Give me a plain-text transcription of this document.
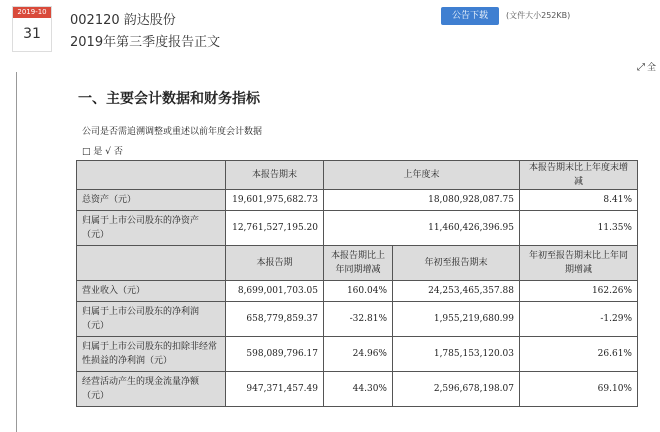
2019-10
31
002120 韵达股份
2019年第三季度报告正文
公告下载	(文件大小252KB)
⤢ 全
一、主要会计数据和财务指标
公司是否需追溯调整或重述以前年度会计数据
□ 是 √ 否
	本报告期末	上年度末		本报告期末比上年度末增减
总资产（元）	19,601,975,682.73	18,080,928,087.75		8.41%
归属于上市公司股东的净资产（元）	12,761,527,195.20	11,460,426,396.95		11.35%
	本报告期	本报告期比上年同期增减	年初至报告期末	年初至报告期末比上年同期增减
营业收入（元）	8,699,001,703.05	160.04%	24,253,465,357.88	162.26%
归属于上市公司股东的净利润（元）	658,779,859.37	-32.81%	1,955,219,680.99	-1.29%
归属于上市公司股东的扣除非经常性损益的净利润（元）	598,089,796.17	24.96%	1,785,153,120.03	26.61%
经营活动产生的现金流量净额（元）	947,371,457.49	44.30%	2,596,678,198.07	69.10%
